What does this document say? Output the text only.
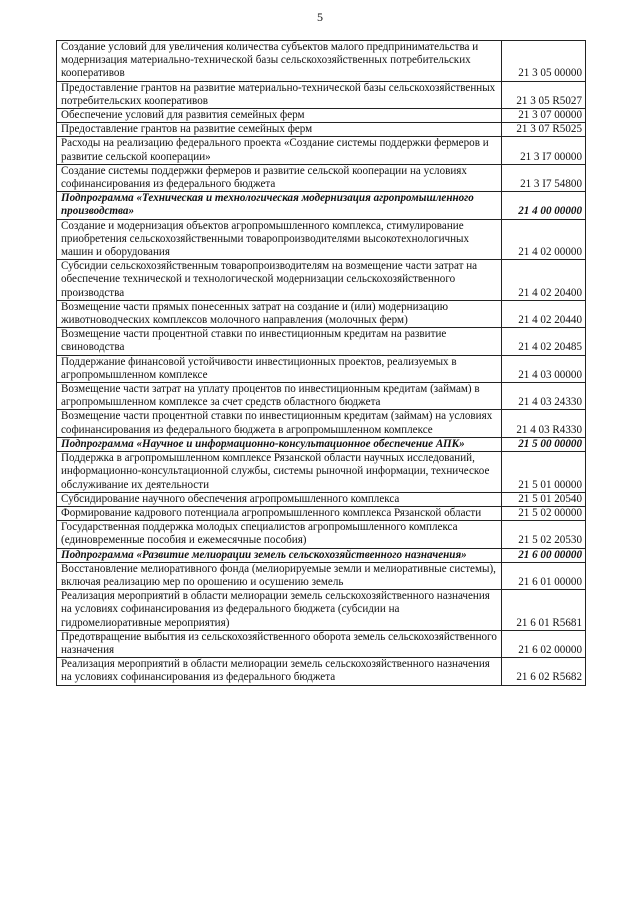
5
Создание условий для увеличения количества субъектов малого предпринимательства и модернизация материально-технической базы сельскохозяйственных потребительских кооперативов	21 3 05 00000
Предоставление грантов на развитие материально-технической базы сельскохозяйственных потребительских кооперативов	21 3 05 R5027
Обеспечение условий для развития семейных ферм	21 3 07 00000
Предоставление грантов на развитие семейных ферм	21 3 07 R5025
Расходы на реализацию федерального проекта «Создание системы поддержки фермеров и развитие сельской кооперации»	21 3 I7 00000
Создание системы поддержки фермеров и развитие сельской кооперации на условиях софинансирования из федерального бюджета	21 3 I7 54800
Подпрограмма «Техническая и технологическая модернизация агропромышленного производства»	21 4 00 00000
Создание и модернизация объектов агропромышленного комплекса, стимулирование приобретения сельскохозяйственными товаропроизводителями высокотехнологичных машин и оборудования	21 4 02 00000
Субсидии сельскохозяйственным товаропроизводителям на возмещение части затрат на обеспечение технической и технологической модернизации сельскохозяйственного производства	21 4 02 20400
Возмещение части прямых понесенных затрат на создание и (или) модернизацию животноводческих комплексов молочного направления (молочных ферм)	21 4 02 20440
Возмещение части процентной ставки по инвестиционным кредитам на развитие свиноводства	21 4 02 20485
Поддержание финансовой устойчивости инвестиционных проектов, реализуемых в агропромышленном комплексе	21 4 03 00000
Возмещение части затрат на уплату процентов по инвестиционным кредитам (займам) в агропромышленном комплексе за счет средств областного бюджета	21 4 03 24330
Возмещение части процентной ставки по инвестиционным кредитам (займам) на условиях софинансирования из федерального бюджета в агропромышленном комплексе	21 4 03 R4330
Подпрограмма «Научное и информационно-консультационное обеспечение АПК»	21 5 00 00000
Поддержка в агропромышленном комплексе Рязанской области научных исследований, информационно-консультационной службы, системы рыночной информации, техническое обслуживание их деятельности	21 5 01 00000
Субсидирование научного обеспечения агропромышленного комплекса	21 5 01 20540
Формирование кадрового потенциала агропромышленного комплекса Рязанской области	21 5 02 00000
Государственная поддержка молодых специалистов агропромышленного комплекса (единовременные пособия и ежемесячные пособия)	21 5 02 20530
Подпрограмма «Развитие мелиорации земель сельскохозяйственного назначения»	21 6 00 00000
Восстановление мелиоративного фонда (мелиорируемые земли и мелиоративные системы), включая реализацию мер по орошению и осушению земель	21 6 01 00000
Реализация мероприятий в области мелиорации земель сельскохозяйственного назначения на условиях софинансирования из федерального бюджета (субсидии на гидромелиоративные мероприятия)	21 6 01 R5681
Предотвращение выбытия из сельскохозяйственного оборота земель сельскохозяйственного назначения	21 6 02 00000
Реализация мероприятий в области мелиорации земель сельскохозяйственного назначения на условиях софинансирования из федерального бюджета	21 6 02 R5682
